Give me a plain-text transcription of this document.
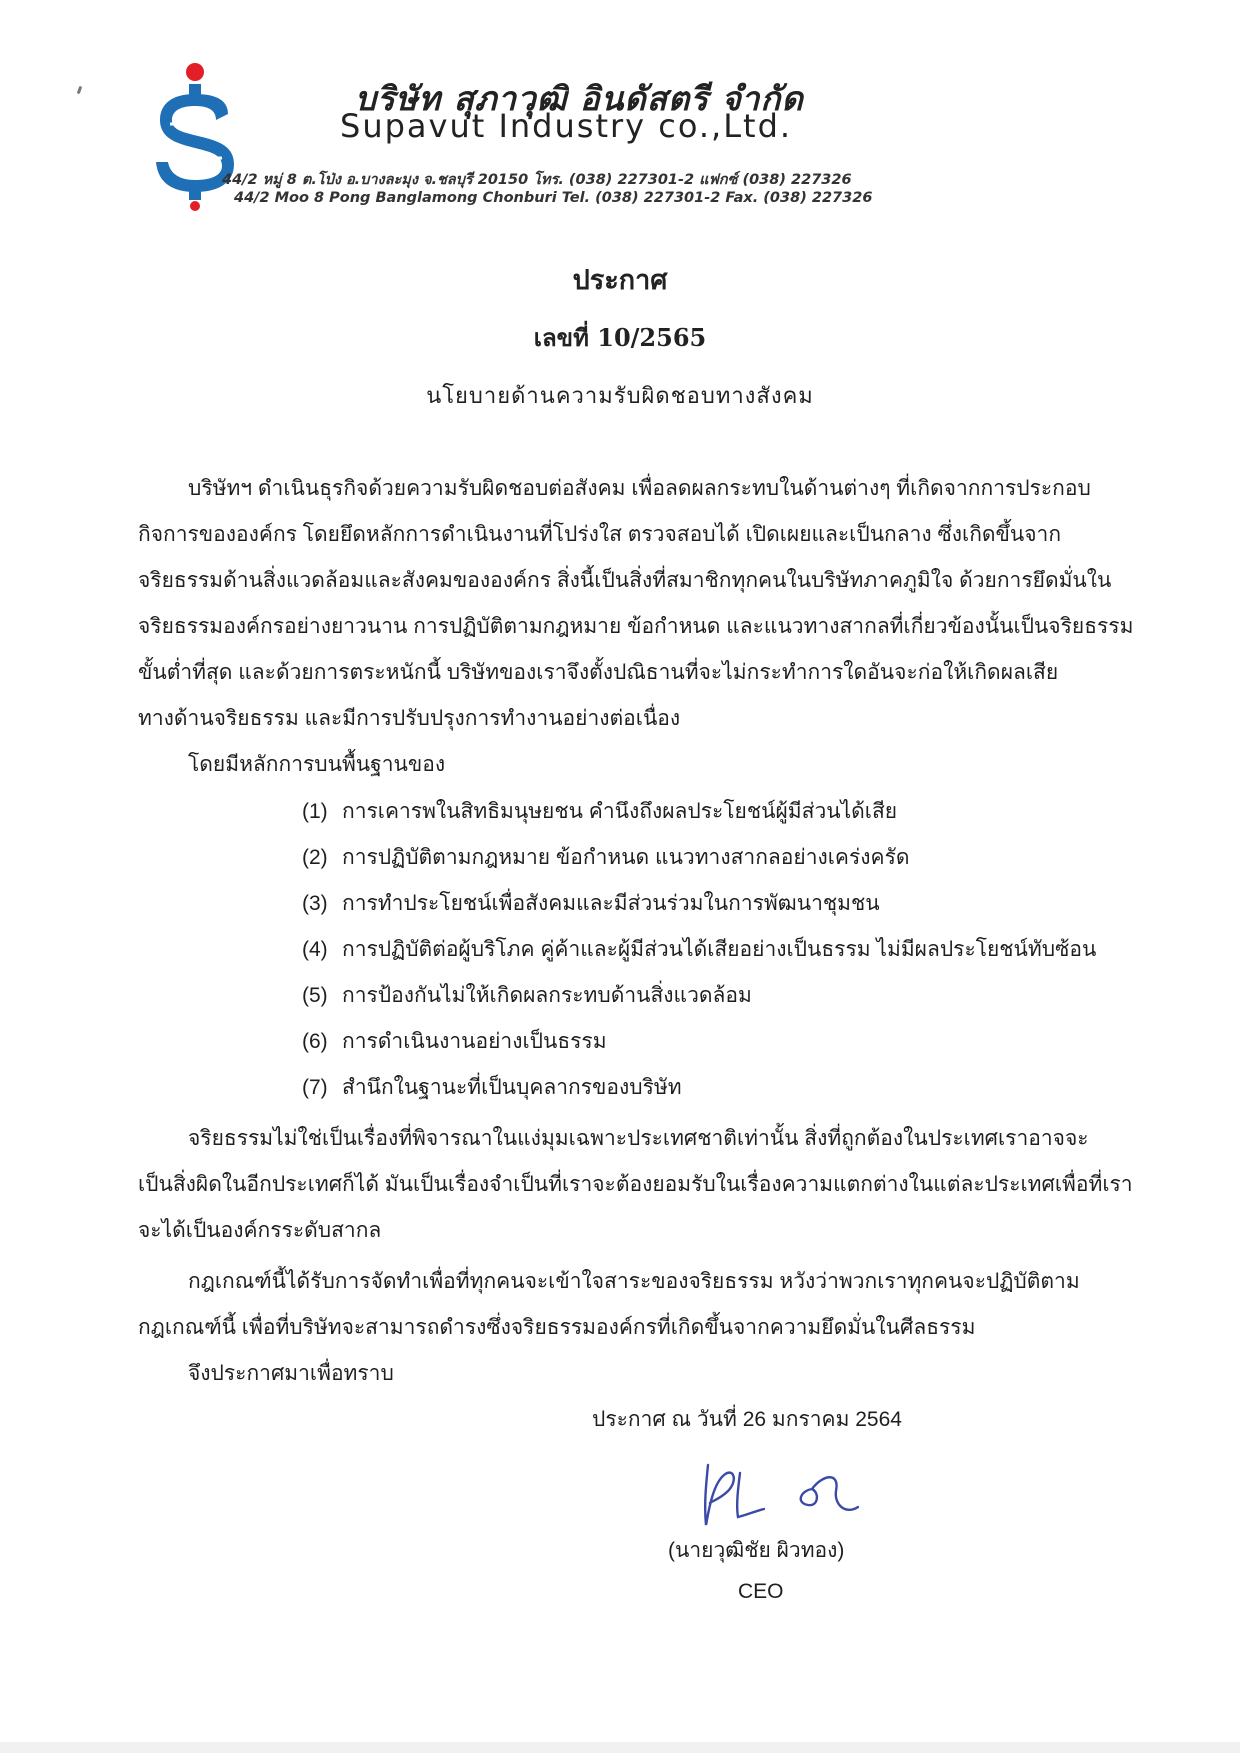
บริษัท สุภาวุฒิ อินดัสตรี จำกัด
Supavut Industry co.,Ltd.
44/2 หมู่ 8 ต.โป่ง อ.บางละมุง จ.ชลบุรี 20150 โทร. (038) 227301-2 แฟกซ์ (038) 227326
44/2 Moo 8 Pong Banglamong Chonburi Tel. (038) 227301-2 Fax. (038) 227326
ประกาศ
เลขที่ 10/2565
นโยบายด้านความรับผิดชอบทางสังคม
บริษัทฯ ดำเนินธุรกิจด้วยความรับผิดชอบต่อสังคม เพื่อลดผลกระทบในด้านต่างๆ ที่เกิดจากการประกอบ
กิจการขององค์กร โดยยึดหลักการดำเนินงานที่โปร่งใส ตรวจสอบได้ เปิดเผยและเป็นกลาง ซึ่งเกิดขึ้นจาก
จริยธรรมด้านสิ่งแวดล้อมและสังคมขององค์กร สิ่งนี้เป็นสิ่งที่สมาชิกทุกคนในบริษัทภาคภูมิใจ ด้วยการยึดมั่นใน
จริยธรรมองค์กรอย่างยาวนาน การปฏิบัติตามกฎหมาย ข้อกำหนด และแนวทางสากลที่เกี่ยวข้องนั้นเป็นจริยธรรม
ขั้นต่ำที่สุด และด้วยการตระหนักนี้ บริษัทของเราจึงตั้งปณิธานที่จะไม่กระทำการใดอันจะก่อให้เกิดผลเสีย
ทางด้านจริยธรรม และมีการปรับปรุงการทำงานอย่างต่อเนื่อง
โดยมีหลักการบนพื้นฐานของ
(1) การเคารพในสิทธิมนุษยชน คำนึงถึงผลประโยชน์ผู้มีส่วนได้เสีย
(2) การปฏิบัติตามกฎหมาย ข้อกำหนด แนวทางสากลอย่างเคร่งครัด
(3) การทำประโยชน์เพื่อสังคมและมีส่วนร่วมในการพัฒนาชุมชน
(4) การปฏิบัติต่อผู้บริโภค คู่ค้าและผู้มีส่วนได้เสียอย่างเป็นธรรม ไม่มีผลประโยชน์ทับซ้อน
(5) การป้องกันไม่ให้เกิดผลกระทบด้านสิ่งแวดล้อม
(6) การดำเนินงานอย่างเป็นธรรม
(7) สำนึกในฐานะที่เป็นบุคลากรของบริษัท
จริยธรรมไม่ใช่เป็นเรื่องที่พิจารณาในแง่มุมเฉพาะประเทศชาติเท่านั้น สิ่งที่ถูกต้องในประเทศเราอาจจะ
เป็นสิ่งผิดในอีกประเทศก็ได้ มันเป็นเรื่องจำเป็นที่เราจะต้องยอมรับในเรื่องความแตกต่างในแต่ละประเทศเพื่อที่เรา
จะได้เป็นองค์กรระดับสากล
กฎเกณฑ์นี้ได้รับการจัดทำเพื่อที่ทุกคนจะเข้าใจสาระของจริยธรรม หวังว่าพวกเราทุกคนจะปฏิบัติตาม
กฎเกณฑ์นี้ เพื่อที่บริษัทจะสามารถดำรงซึ่งจริยธรรมองค์กรที่เกิดขึ้นจากความยึดมั่นในศีลธรรม
จึงประกาศมาเพื่อทราบ
ประกาศ ณ วันที่ 26 มกราคม 2564
(นายวุฒิชัย ผิวทอง)
CEO
